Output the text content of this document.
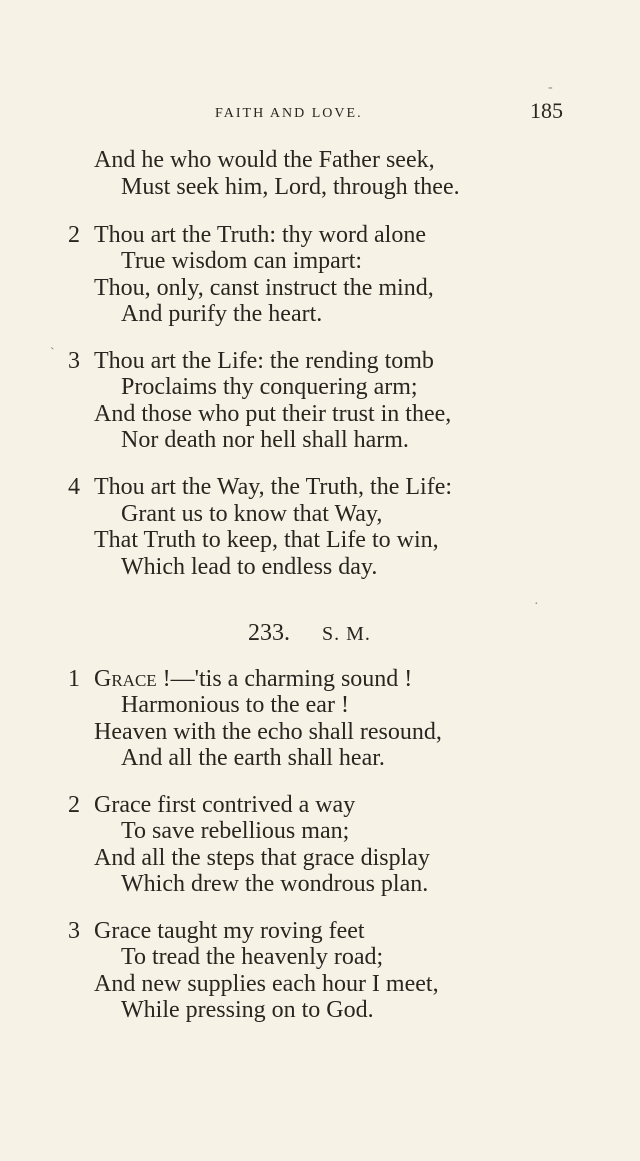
FAITH AND LOVE.	185
And he who would the Father seek,
Must seek him, Lord, through thee.
2 Thou art the Truth: thy word alone
True wisdom can impart:
Thou, only, canst instruct the mind,
And purify the heart.
3 Thou art the Life: the rending tomb
Proclaims thy conquering arm;
And those who put their trust in thee,
Nor death nor hell shall harm.
4 Thou art the Way, the Truth, the Life:
Grant us to know that Way,
That Truth to keep, that Life to win,
Which lead to endless day.
233. S. M.
1 Grace !—'tis a charming sound !
Harmonious to the ear !
Heaven with the echo shall resound,
And all the earth shall hear.
2 Grace first contrived a way
To save rebellious man;
And all the steps that grace display
Which drew the wondrous plan.
3 Grace taught my roving feet
To tread the heavenly road;
And new supplies each hour I meet,
While pressing on to God.
-
`
·
